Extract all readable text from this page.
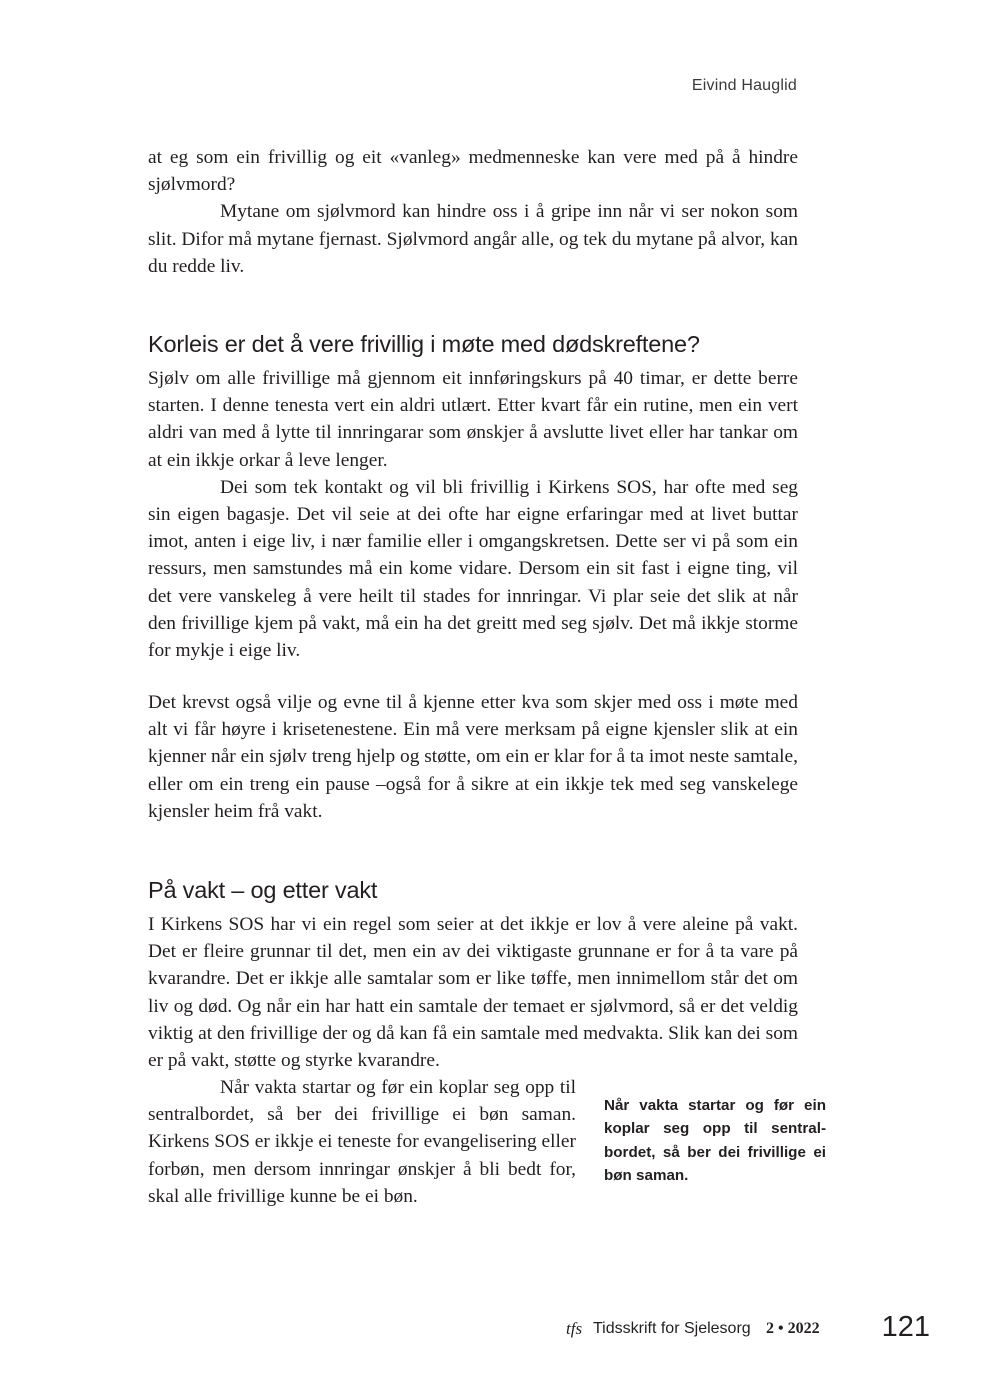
Eivind Hauglid

at eg som ein frivillig og eit «vanleg» medmenneske kan vere med på å hindre sjølvmord?

Mytane om sjølvmord kan hindre oss i å gripe inn når vi ser nokon som slit. Difor må mytane fjernast. Sjølvmord angår alle, og tek du mytane på alvor, kan du redde liv.

Korleis er det å vere frivillig i møte med dødskreftene?

Sjølv om alle frivillige må gjennom eit innføringskurs på 40 timar, er dette berre starten. I denne tenesta vert ein aldri utlært. Etter kvart får ein rutine, men ein vert aldri van med å lytte til innringarar som ønskjer å avslutte livet eller har tankar om at ein ikkje orkar å leve lenger.

Dei som tek kontakt og vil bli frivillig i Kirkens SOS, har ofte med seg sin eigen bagasje. Det vil seie at dei ofte har eigne erfaringar med at livet buttar imot, anten i eige liv, i nær familie eller i omgangskretsen. Dette ser vi på som ein ressurs, men samstundes må ein kome vidare. Dersom ein sit fast i eigne ting, vil det vere vanskeleg å vere heilt til stades for innringar. Vi plar seie det slik at når den frivillige kjem på vakt, må ein ha det greitt med seg sjølv. Det må ikkje storme for mykje i eige liv.

Det krevst også vilje og evne til å kjenne etter kva som skjer med oss i møte med alt vi får høyre i krisetenestene. Ein må vere merksam på eigne kjensler slik at ein kjenner når ein sjølv treng hjelp og støtte, om ein er klar for å ta imot neste samtale, eller om ein treng ein pause –også for å sikre at ein ikkje tek med seg vanskelege kjensler heim frå vakt.

På vakt – og etter vakt

I Kirkens SOS har vi ein regel som seier at det ikkje er lov å vere aleine på vakt. Det er fleire grunnar til det, men ein av dei viktigaste grunnane er for å ta vare på kvarandre. Det er ikkje alle samtalar som er like tøffe, men innimellom står det om liv og død. Og når ein har hatt ein samtale der temaet er sjølvmord, så er det veldig viktig at den frivillige der og då kan få ein samtale med medvakta. Slik kan dei som er på vakt, støtte og styrke kvarandre.

Når vakta startar og før ein koplar seg opp til sentralbordet, så ber dei frivillige ei bøn saman. Kirkens SOS er ikkje ei teneste for evangelisering eller forbøn, men dersom innringar ønskjer å bli bedt for, skal alle frivillige kunne be ei bøn.

Når vakta startar og før ein koplar seg opp til sentralbordet, så ber dei frivillige ei bøn saman.
tfs Tidsskrift for Sjelesorg 2 • 2022 121
